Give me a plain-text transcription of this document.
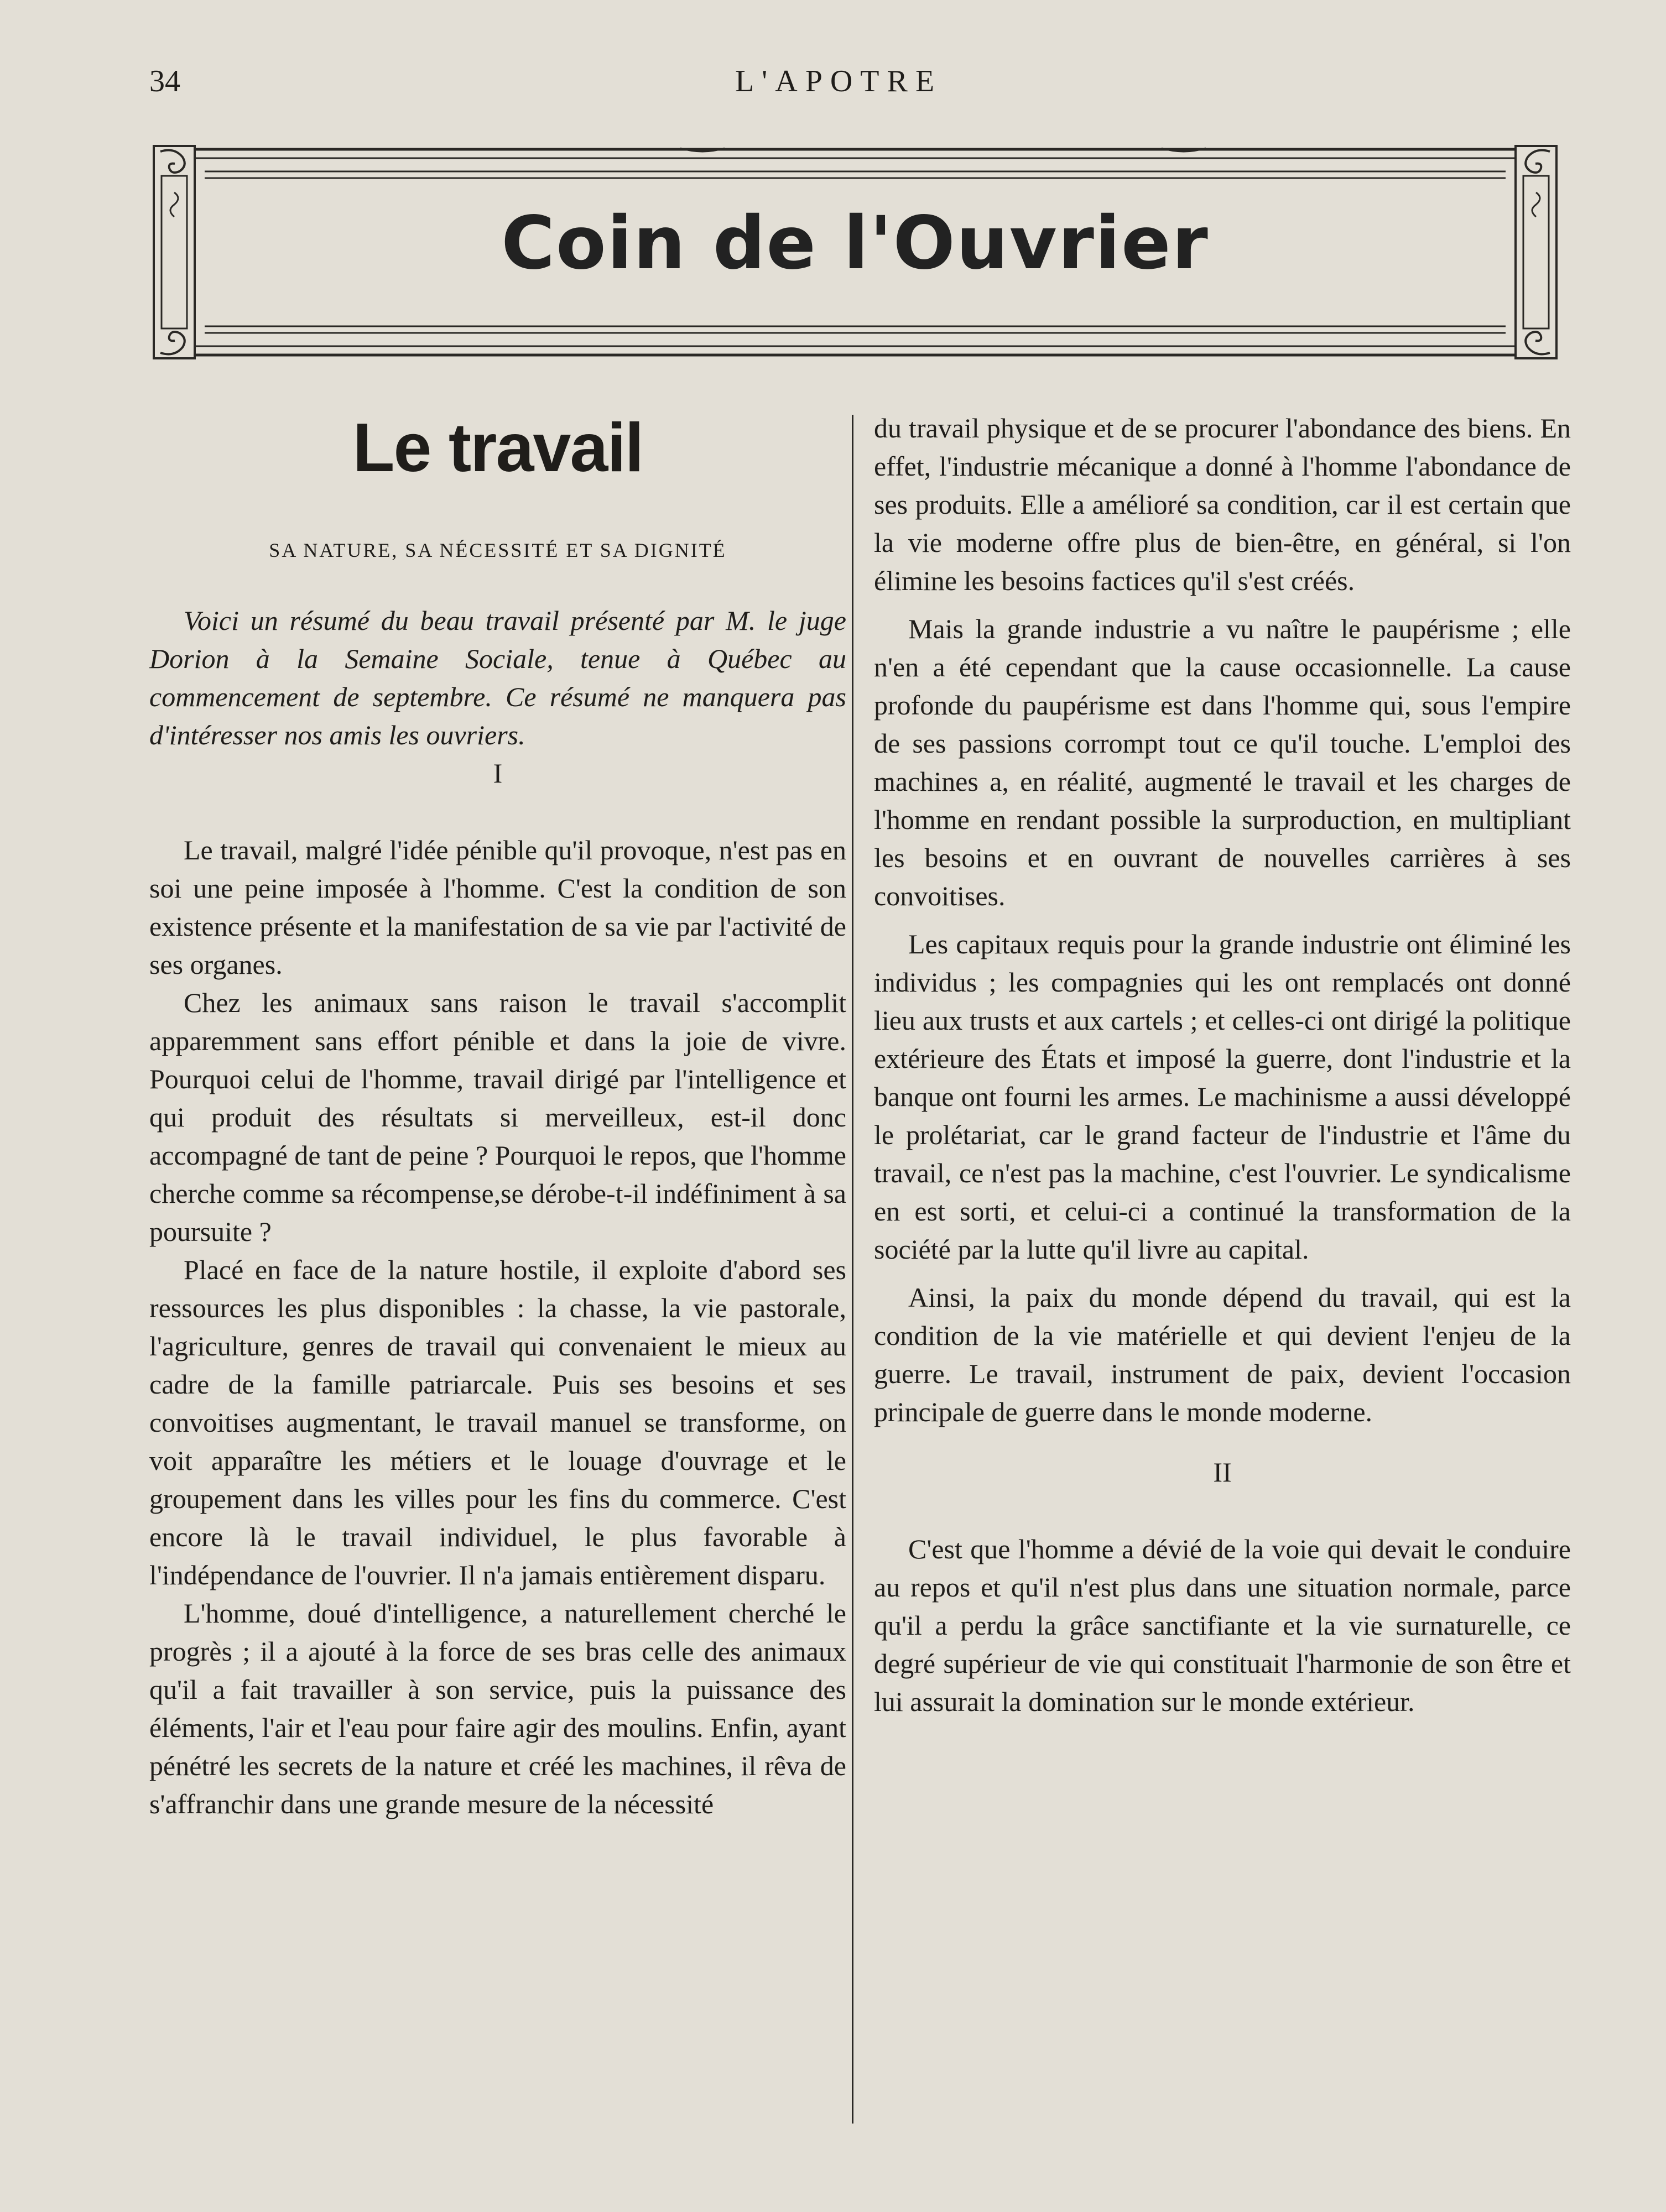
34	L'APOTRE
Coin de l'Ouvrier
Le travail
SA NATURE, SA NÉCESSITÉ ET SA DIGNITÉ

Voici un résumé du beau travail présenté par M. le juge Dorion à la Semaine Sociale, tenue à Québec au commencement de septembre. Ce résumé ne manquera pas d'intéresser nos amis les ouvriers.

I

Le travail, malgré l'idée pénible qu'il provoque, n'est pas en soi une peine imposée à l'homme. C'est la condition de son existence présente et la manifestation de sa vie par l'activité de ses organes.

Chez les animaux sans raison le travail s'accomplit apparemment sans effort pénible et dans la joie de vivre. Pourquoi celui de l'homme, travail dirigé par l'intelligence et qui produit des résultats si merveilleux, est-il donc accompagné de tant de peine ? Pourquoi le repos, que l'homme cherche comme sa récompense,se dérobe-t-il indéfiniment à sa poursuite ?

Placé en face de la nature hostile, il exploite d'abord ses ressources les plus disponibles : la chasse, la vie pastorale, l'agriculture, genres de travail qui convenaient le mieux au cadre de la famille patriarcale. Puis ses besoins et ses convoitises augmentant, le travail manuel se transforme, on voit apparaître les métiers et le louage d'ouvrage et le groupement dans les villes pour les fins du commerce. C'est encore là le travail individuel, le plus favorable à l'indépendance de l'ouvrier. Il n'a jamais entièrement disparu.

L'homme, doué d'intelligence, a naturellement cherché le progrès ; il a ajouté à la force de ses bras celle des animaux qu'il a fait travailler à son service, puis la puissance des éléments, l'air et l'eau pour faire agir des moulins. Enfin, ayant pénétré les secrets de la nature et créé les machines, il rêva de s'affranchir dans une grande mesure de la nécessité

du travail physique et de se procurer l'abondance des biens. En effet, l'industrie mécanique a donné à l'homme l'abondance de ses produits. Elle a amélioré sa condition, car il est certain que la vie moderne offre plus de bien-être, en général, si l'on élimine les besoins factices qu'il s'est créés.

Mais la grande industrie a vu naître le paupérisme ; elle n'en a été cependant que la cause occasionnelle. La cause profonde du paupérisme est dans l'homme qui, sous l'empire de ses passions corrompt tout ce qu'il touche. L'emploi des machines a, en réalité, augmenté le travail et les charges de l'homme en rendant possible la surproduction, en multipliant les besoins et en ouvrant de nouvelles carrières à ses convoitises.

Les capitaux requis pour la grande industrie ont éliminé les individus ; les compagnies qui les ont remplacés ont donné lieu aux trusts et aux cartels ; et celles-ci ont dirigé la politique extérieure des États et imposé la guerre, dont l'industrie et la banque ont fourni les armes. Le machinisme a aussi développé le prolétariat, car le grand facteur de l'industrie et l'âme du travail, ce n'est pas la machine, c'est l'ouvrier. Le syndicalisme en est sorti, et celui-ci a continué la transformation de la société par la lutte qu'il livre au capital.

Ainsi, la paix du monde dépend du travail, qui est la condition de la vie matérielle et qui devient l'enjeu de la guerre. Le travail, instrument de paix, devient l'occasion principale de guerre dans le monde moderne.

II

C'est que l'homme a dévié de la voie qui devait le conduire au repos et qu'il n'est plus dans une situation normale, parce qu'il a perdu la grâce sanctifiante et la vie surnaturelle, ce degré supérieur de vie qui constituait l'harmonie de son être et lui assurait la domination sur le monde extérieur.
